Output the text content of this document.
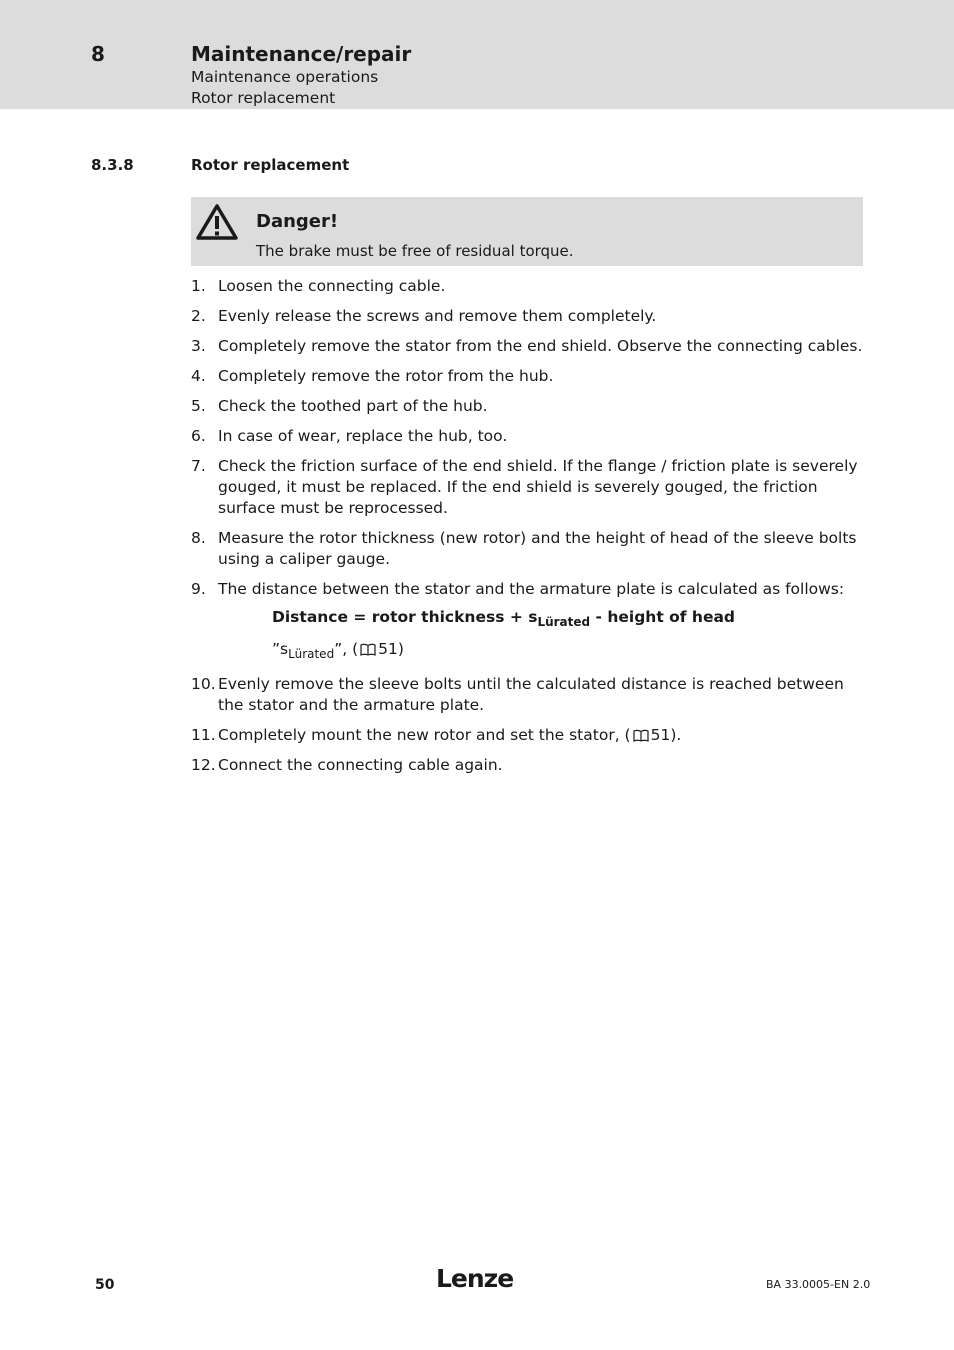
8	Maintenance/repair
Maintenance operations
Rotor replacement
8.3.8	Rotor replacement
Danger!
The brake must be free of residual torque.
1. Loosen the connecting cable.
2. Evenly release the screws and remove them completely.
3. Completely remove the stator from the end shield. Observe the connecting cables.
4. Completely remove the rotor from the hub.
5. Check the toothed part of the hub.
6. In case of wear, replace the hub, too.
7. Check the friction surface of the end shield. If the flange / friction plate is severely gouged, it must be replaced. If the end shield is severely gouged, the friction surface must be reprocessed.
8. Measure the rotor thickness (new rotor) and the height of head of the sleeve bolts using a caliper gauge.
9. The distance between the stator and the armature plate is calculated as follows:
Distance = rotor thickness + $s_{Lürated}$ - height of head
$”s_{Lürated}$”, ( 51)
10. Evenly remove the sleeve bolts until the calculated distance is reached between the stator and the armature plate.
11. Completely mount the new rotor and set the stator, ( 51).
12. Connect the connecting cable again.
50	Lenze	BA 33.0005-EN 2.0
